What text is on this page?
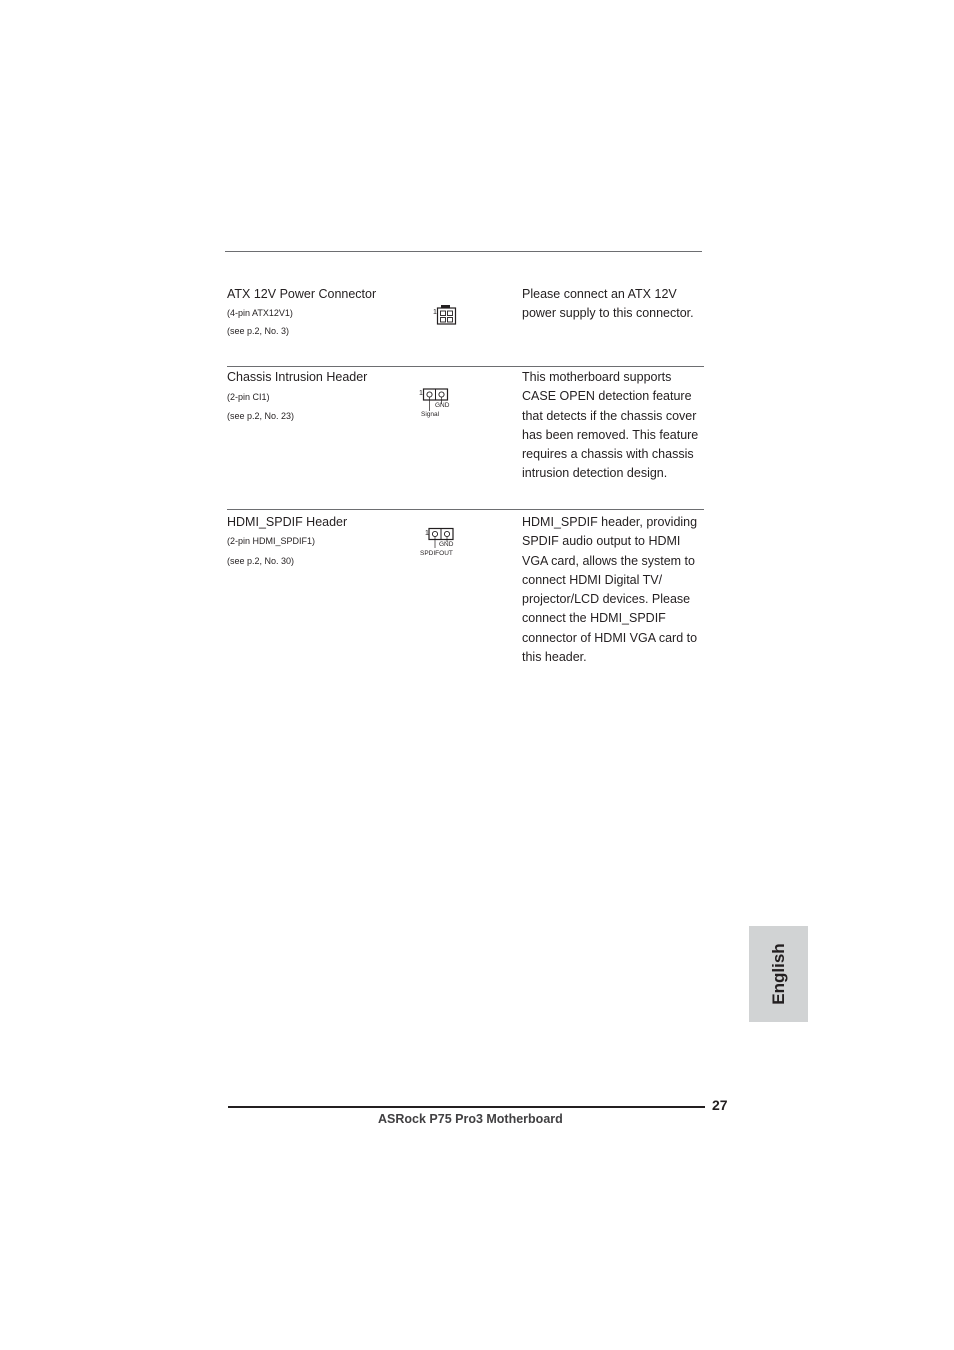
ATX 12V Power Connector
(4-pin ATX12V1)
(see p.2, No. 3)
1
Please connect an ATX 12V
power supply to this connector.
Chassis Intrusion Header
(2-pin CI1)
(see p.2, No. 23)
1
GND
Signal
This motherboard supports
CASE OPEN detection feature
that detects if the chassis cover
has been removed. This feature
requires a chassis with chassis
intrusion detection design.
HDMI_SPDIF Header
(2-pin HDMI_SPDIF1)
(see p.2, No. 30)
1
GND
SPDIFOUT
HDMI_SPDIF header, providing
SPDIF audio output to HDMI
VGA card, allows the system to
connect HDMI Digital TV/
projector/LCD devices. Please
connect the HDMI_SPDIF
connector of HDMI VGA card to
this header.
English
27
ASRock P75 Pro3 Motherboard
